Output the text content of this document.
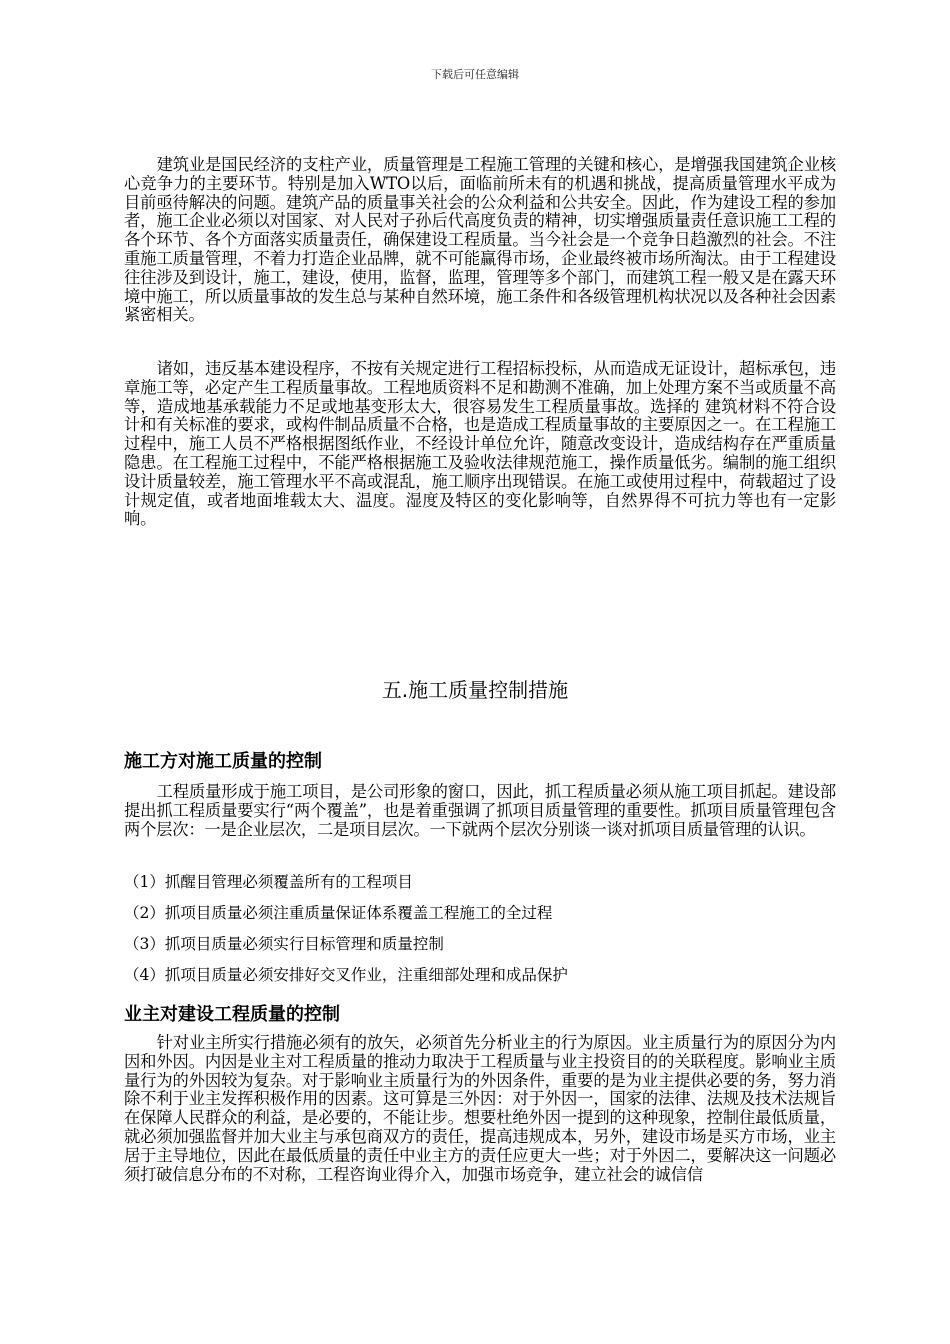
下载后可任意编辑

建筑业是国民经济的支柱产业，质量管理是工程施工管理的关键和核心，是增强我国建筑企业核心竞争力的主要环节。特别是加入WTO以后，面临前所未有的机遇和挑战，提高质量管理水平成为目前亟待解决的问题。建筑产品的质量事关社会的公众利益和公共安全。因此，作为建设工程的参加者，施工企业必须以对国家、对人民对子孙后代高度负责的精神，切实增强质量责任意识施工工程的各个环节、各个方面落实质量责任，确保建设工程质量。当今社会是一个竞争日趋激烈的社会。不注重施工质量管理，不着力打造企业品牌，就不可能赢得市场，企业最终被市场所淘汰。由于工程建设往往涉及到设计，施工，建设，使用，监督，监理，管理等多个部门，而建筑工程一般又是在露天环境中施工，所以质量事故的发生总与某种自然环境，施工条件和各级管理机构状况以及各种社会因素紧密相关。

诸如，违反基本建设程序，不按有关规定进行工程招标投标，从而造成无证设计，超标承包，违章施工等，必定产生工程质量事故。工程地质资料不足和勘测不准确，加上处理方案不当或质量不高等，造成地基承载能力不足或地基变形太大，很容易发生工程质量事故。选择的 建筑材料不符合设计和有关标准的要求，或构件制品质量不合格，也是造成工程质量事故的主要原因之一。在工程施工过程中，施工人员不严格根据图纸作业，不经设计单位允许，随意改变设计，造成结构存在严重质量隐患。在工程施工过程中，不能严格根据施工及验收法律规范施工，操作质量低劣。编制的施工组织设计质量较差，施工管理水平不高或混乱，施工顺序出现错误。在施工或使用过程中，荷载超过了设计规定值，或者地面堆载太大、温度。湿度及特区的变化影响等，自然界得不可抗力等也有一定影响。

五.施工质量控制措施
施工方对施工质量的控制

工程质量形成于施工项目，是公司形象的窗口，因此，抓工程质量必须从施工项目抓起。建设部提出抓工程质量要实行“两个覆盖”，也是着重强调了抓项目质量管理的重要性。抓项目质量管理包含两个层次：一是企业层次，二是项目层次。一下就两个层次分别谈一谈对抓项目质量管理的认识。

（1）抓醒目管理必须覆盖所有的工程项目
（2）抓项目质量必须注重质量保证体系覆盖工程施工的全过程
（3）抓项目质量必须实行目标管理和质量控制
（4）抓项目质量必须安排好交叉作业，注重细部处理和成品保护
业主对建设工程质量的控制

针对业主所实行措施必须有的放矢，必须首先分析业主的行为原因。业主质量行为的原因分为内因和外因。内因是业主对工程质量的推动力取决于工程质量与业主投资目的的关联程度。影响业主质量行为的外因较为复杂。对于影响业主质量行为的外因条件，重要的是为业主提供必要的务，努力消除不利于业主发挥积极作用的因素。这可算是三外因：对于外因一，国家的法律、法规及技术法规旨在保障人民群众的利益，是必要的，不能让步。想要杜绝外因一提到的这种现象，控制住最低质量，就必须加强监督并加大业主与承包商双方的责任，提高违规成本，另外，建设市场是买方市场，业主居于主导地位，因此在最低质量的责任中业主方的责任应更大一些；对于外因二，要解决这一问题必须打破信息分布的不对称，工程咨询业得介入，加强市场竞争，建立社会的诚信信
